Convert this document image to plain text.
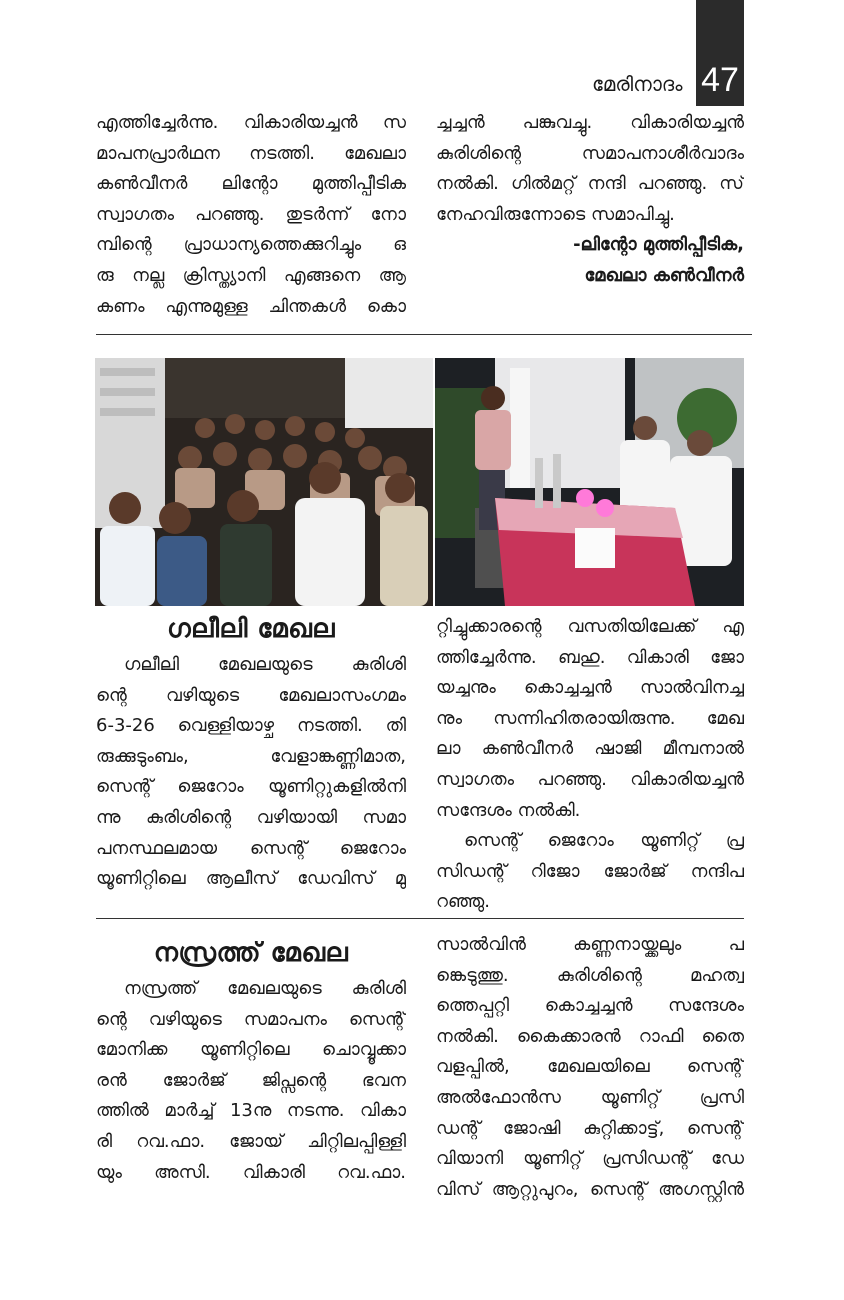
47
മേരിനാദം
എത്തിച്ചേർന്നു. വികാരിയച്ചൻ സ
മാപനപ്രാർഥന നടത്തി. മേഖലാ
കൺവീനർ ലിന്റോ മുത്തിപ്പീടിക
സ്വാഗതം പറഞ്ഞു. തുടർന്ന് നോ
മ്പിന്റെ പ്രാധാന്യത്തെക്കുറിച്ചും ഒ
രു നല്ല ക്രിസ്ത്യാനി എങ്ങനെ ആ
കണം എന്നുമുള്ള ചിന്തകൾ കൊ
ച്ചച്ചൻ പങ്കുവച്ചു. വികാരിയച്ചൻ
കുരിശിന്റെ സമാപനാശീർവാദം
നൽകി. ഗിൽമറ്റ് നന്ദി പറഞ്ഞു. സ്
നേഹവിരുന്നോടെ സമാപിച്ചു.
-ലിന്റോ മുത്തിപ്പീടിക,
മേഖലാ കൺവീനർ
ഗലീലി മേഖല
ഗലീലി മേഖലയുടെ കുരിശി
ന്റെ വഴിയുടെ മേഖലാസംഗമം
6-3-26 വെള്ളിയാഴ്ച നടത്തി. തി
രുക്കുടുംബം, വേളാങ്കണ്ണിമാത,
സെന്റ് ജെറോം യൂണിറ്റുകളിൽനി
ന്നു കുരിശിന്റെ വഴിയായി സമാ
പനസ്ഥലമായ സെന്റ് ജെറോം
യൂണിറ്റിലെ ആലീസ് ഡേവിസ് മു
റ്റിച്ചുക്കാരന്റെ വസതിയിലേക്ക് എ
ത്തിച്ചേർന്നു. ബഹു. വികാരി ജോ
യച്ചനും കൊച്ചച്ചൻ സാൽവിനച്ച
നും സന്നിഹിതരായിരുന്നു. മേഖ
ലാ കൺവീനർ ഷാജി മീമ്പനാൽ
സ്വാഗതം പറഞ്ഞു. വികാരിയച്ചൻ
സന്ദേശം നൽകി.
സെന്റ് ജെറോം യൂണിറ്റ് പ്ര
സിഡന്റ് റിജോ ജോർജ് നന്ദിപ
റഞ്ഞു.
നസ്രത്ത് മേഖല
നസ്രത്ത് മേഖലയുടെ കുരിശി
ന്റെ വഴിയുടെ സമാപനം സെന്റ്
മോനിക്ക യൂണിറ്റിലെ ചൊവ്വൂക്കാ
രൻ ജോർജ് ജിപ്സന്റെ ഭവന
ത്തിൽ മാർച്ച് 13നു നടന്നു. വികാ
രി റവ.ഫാ. ജോയ് ചിറ്റിലപ്പിള്ളി
യും അസി. വികാരി റവ.ഫാ.
സാൽവിൻ കണ്ണനായ്ക്കലും പ
ങ്കെടുത്തു. കുരിശിന്റെ മഹത്വ
ത്തെപ്പറ്റി കൊച്ചച്ചൻ സന്ദേശം
നൽകി. കൈക്കാരൻ റാഫി തൈ
വളപ്പിൽ, മേഖലയിലെ സെന്റ്
അൽഫോൻസ യൂണിറ്റ് പ്രസി
ഡന്റ് ജോഷി കുറ്റിക്കാട്ട്, സെന്റ്
വിയാനി യൂണിറ്റ് പ്രസിഡന്റ് ഡേ
വിസ് ആറ്റുപുറം, സെന്റ് അഗസ്റ്റിൻ
